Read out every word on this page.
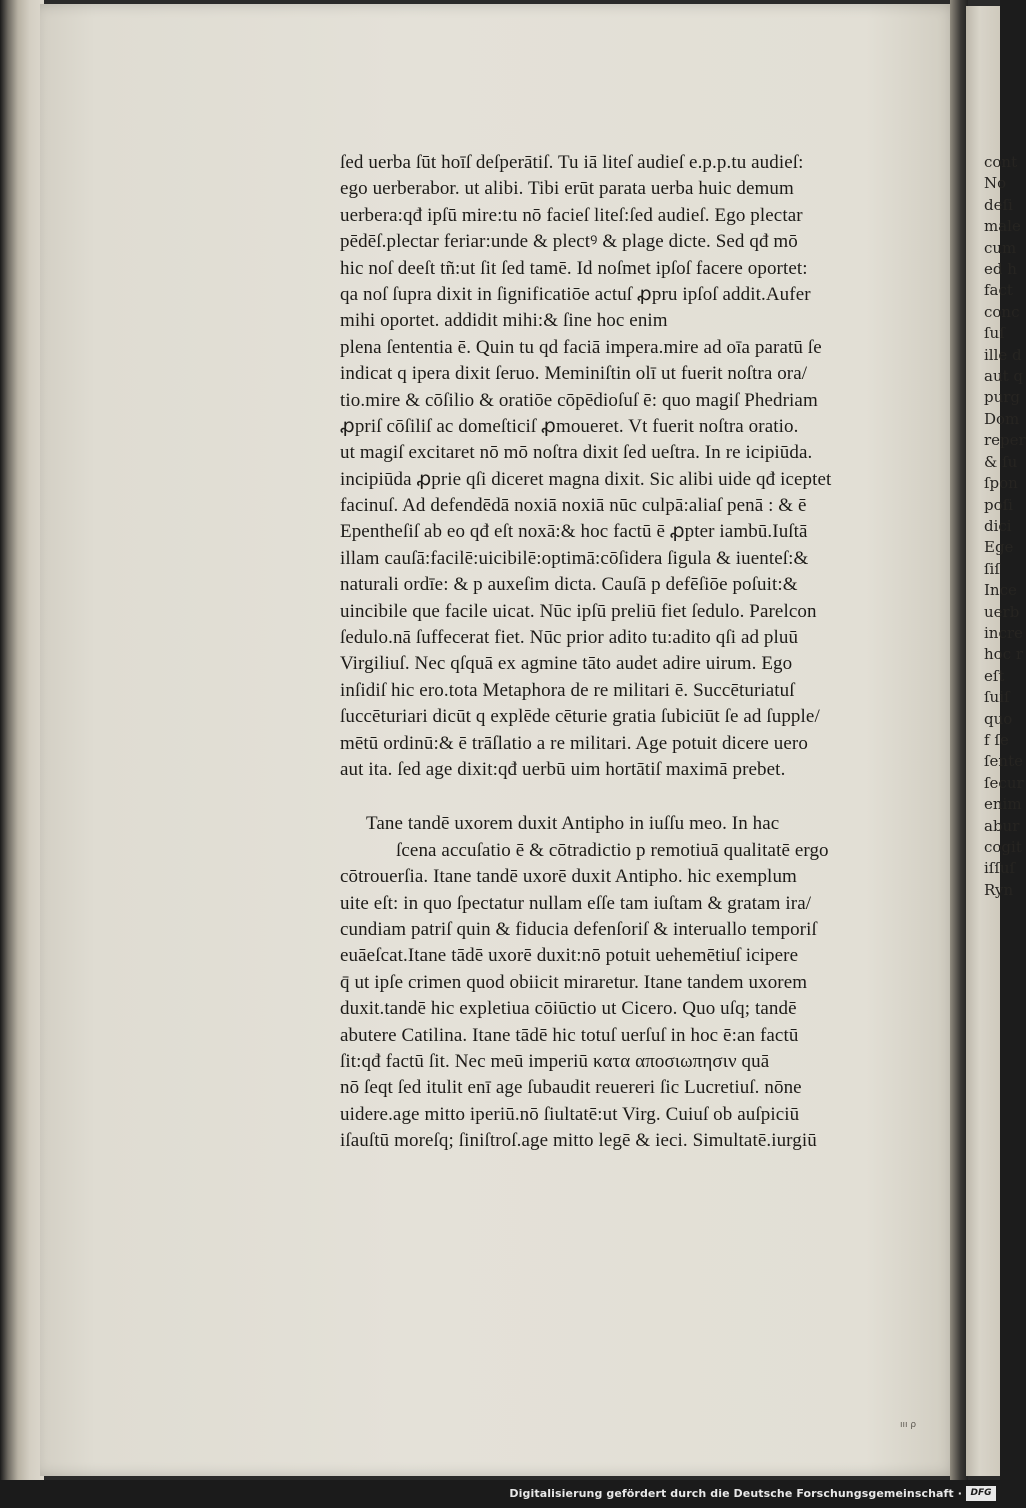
ſed uerba ſūt hoīſ deſperātiſ. Tu iā liteſ audieſ e.p.p.tu audieſ:
ego uerberabor. ut alibi. Tibi erūt parata uerba huic demum
uerbera:qđ ipſū mire:tu nō facieſ liteſ:ſed audieſ. Ego plectar
pēdēſ.plectar feriar:unde & plectꝰ & plage dicte. Sed qđ mō
hic noſ deeſt tñ:ut ſit ſed tamē. Id noſmet ipſoſ facere oportet:
qa noſ ſupra dixit in ſignificatiōe actuſ ꝓpru ipſoſ addit.Aufer
mihi oportet. addidit mihi:& ſine hoc enim
plena ſententia ē. Quin tu qd faciā impera.mire ad oīa paratū ſe
indicat q ipera dixit ſeruo. Meminiſtin olī ut fuerit noſtra ora/
tio.mire & cōſilio & oratiōe cōpēdioſuſ ē: quo magiſ Phedriam
ꝓpriſ cōſiliſ ac domeſticiſ ꝓmoueret. Vt fuerit noſtra oratio.
ut magiſ excitaret nō mō noſtra dixit ſed ueſtra. In re icipiūda.
incipiūda ꝓprie qſi diceret magna dixit. Sic alibi uide qđ iceptet
facinuſ. Ad defendēdā noxiā noxiā nūc culpā:aliaſ penā : & ē
Epentheſiſ ab eo qđ eſt noxā:& hoc factū ē ꝓpter iambū.Iuſtā
illam cauſā:facilē:uicibilē:optimā:cōſidera ſigula & iuenteſ:&
naturali ordīe: & p auxeſim dicta. Cauſā p defēſiōe poſuit:&
uincibile que facile uicat. Nūc ipſū preliū fiet ſedulo. Parelcon
ſedulo.nā ſuffecerat fiet. Nūc prior adito tu:adito qſi ad pluū
Virgiliuſ. Nec qſquā ex agmine tāto audet adire uirum. Ego
inſidiſ hic ero.tota Metaphora de re militari ē. Succēturiatuſ
ſuccēturiari dicūt q explēde cēturie gratia ſubiciūt ſe ad ſupple/
mētū ordinū:& ē trāſlatio a re militari. Age potuit dicere uero
aut ita. ſed age dixit:qđ uerbū uim hortātiſ maximā prebet.
Tane tandē uxorem duxit Antipho in iuſſu meo. In hac
ſcena accuſatio ē & cōtradictio p remotiuā qualitatē ergo
cōtrouerſia. Itane tandē uxorē duxit Antipho. hic exemplum
uite eſt: in quo ſpectatur nullam eſſe tam iuſtam & gratam ira/
cundiam patriſ quin & fiducia defenſoriſ & interuallo temporiſ
euāeſcat.Itane tādē uxorē duxit:nō potuit uehemētiuſ icipere
q̄ ut ipſe crimen quod obiicit miraretur. Itane tandem uxorem
duxit.tandē hic expletiua cōiūctio ut Cicero. Quo uſq; tandē
abutere Catilina. Itane tādē hic totuſ uerſuſ in hoc ē:an factū
ſit:qđ factū ſit. Nec meū imperiū κατα αποσιωπησιν quā
nō ſeqt ſed itulit enī age ſubaudit reuereri ſic Lucretiuſ. nōne
uidere.age mitto iperiū.nō ſiultatē:ut Virg. Cuiuſ ob auſpiciū
iſauſtū moreſq; ſiniſtroſ.age mitto legē & ieci. Simultatē.iurgiū
ııı ρ
cont
No
deſi
male
cum
ed h
fact
conc
ſuſ
ille d
aut q
purg
Dom
reper
& ſu
ſpon
poſi
dici
Ege
ſiſ
Ince
uerb
incre
hoc r
eſt
ſuiſ
quo
f ſe
ſente
ſecur
enim
abur
cogit
iſſuſ
Ryn
Digitalisierung gefördert durch die Deutsche Forschungsgemeinschaft · DFG
